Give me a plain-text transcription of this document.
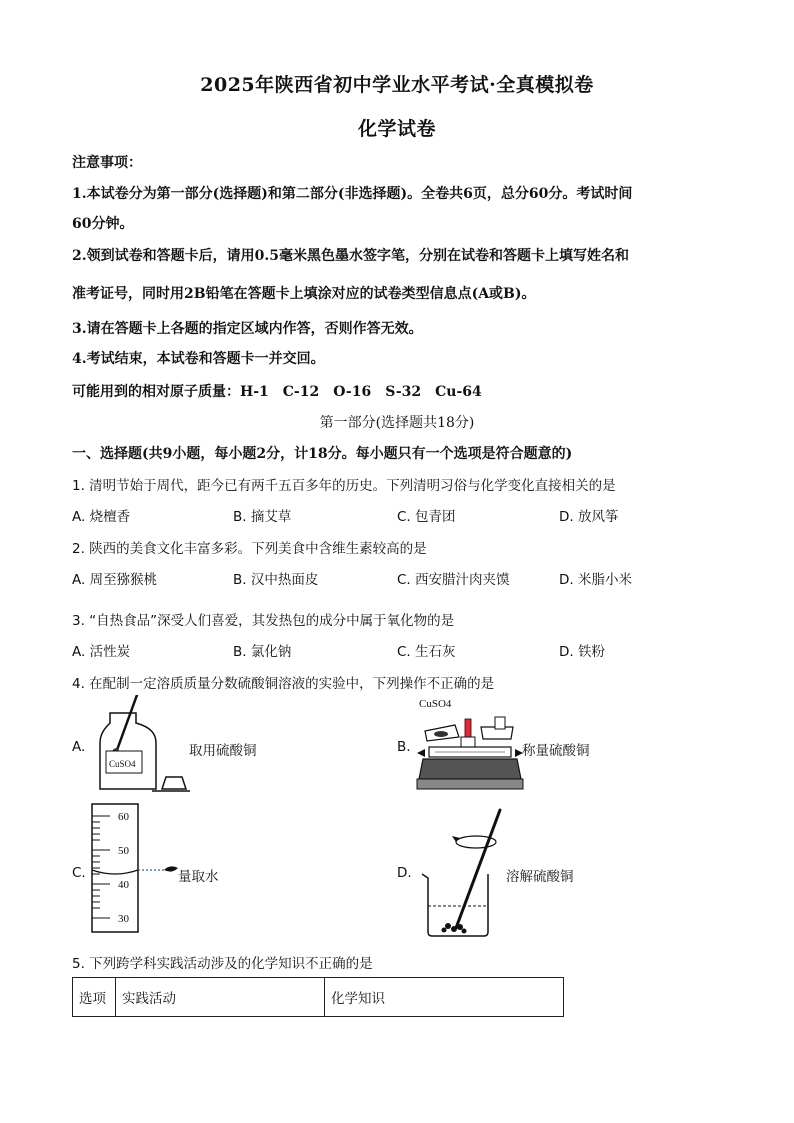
2025年陕西省初中学业水平考试·全真模拟卷
化学试卷
注意事项：
1.本试卷分为第一部分(选择题)和第二部分(非选择题)。全卷共6页，总分60分。考试时间
60分钟。
2.领到试卷和答题卡后，请用0.5毫米黑色墨水签字笔，分别在试卷和答题卡上填写姓名和
准考证号，同时用2B铅笔在答题卡上填涂对应的试卷类型信息点(A或B)。
3.请在答题卡上各题的指定区域内作答，否则作答无效。
4.考试结束，本试卷和答题卡一并交回。
可能用到的相对原子质量：H-1　C-12　O-16　S-32　Cu-64
第一部分(选择题共18分)
一、选择题(共9小题，每小题2分，计18分。每小题只有一个选项是符合题意的)
1. 清明节始于周代，距今已有两千五百多年的历史。下列清明习俗与化学变化直接相关的是
A. 烧檀香	B. 摘艾草	C. 包青团	D. 放风筝
2. 陕西的美食文化丰富多彩。下列美食中含维生素较高的是
A. 周至猕猴桃	B. 汉中热面皮	C. 西安腊汁肉夹馍	D. 米脂小米
3. “自热食品”深受人们喜爱，其发热包的成分中属于氧化物的是
A. 活性炭	B. 氯化钠	C. 生石灰	D. 铁粉
4. 在配制一定溶质质量分数硫酸铜溶液的实验中，下列操作不正确的是
A.
CuSO4
取用硫酸铜	B.
CuSO4
称量硫酸铜
C.
60
50
40
30
量取水	D.	溶解硫酸铜
5. 下列跨学科实践活动涉及的化学知识不正确的是
选项	实践活动	化学知识
